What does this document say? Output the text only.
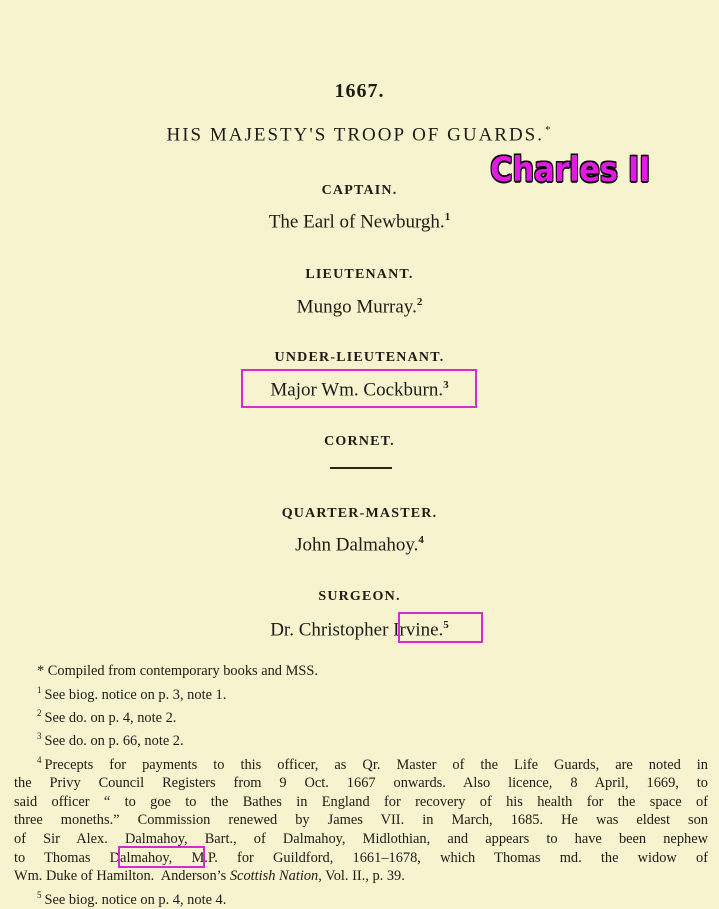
1667.
HIS MAJESTY'S TROOP OF GUARDS.*
Charles II
CAPTAIN.
The Earl of Newburgh.$^1$
LIEUTENANT.
Mungo Murray.$^2$
UNDER-LIEUTENANT.
Major Wm. Cockburn.$^3$
CORNET.
QUARTER-MASTER.
John Dalmahoy.$^4$
SURGEON.
Dr. Christopher Irvine.$^5$

* Compiled from contemporary books and MSS.

$^1$ See biog. notice on p. 3, note 1.

$^2$ See do. on p. 4, note 2.

$^3$ See do. on p. 66, note 2.

$^4$ Precepts for payments to this officer, as Qr. Master of the Life Guards, are noted in

the Privy Council Registers from 9 Oct. 1667 onwards. Also licence, 8 April, 1669, to

said officer “ to goe to the Bathes in England for recovery of his health for the space of

three moneths.” Commission renewed by James VII. in March, 1685. He was eldest son

of Sir Alex. Dalmahoy, Bart., of Dalmahoy, Midlothian, and appears to have been nephew

to Thomas Dalmahoy, M.P. for Guildford, 1661–1678, which Thomas md. the widow of

Wm. Duke of Hamilton.  Anderson’s Scottish Nation, Vol. II., p. 39.

$^5$ See biog. notice on p. 4, note 4.
